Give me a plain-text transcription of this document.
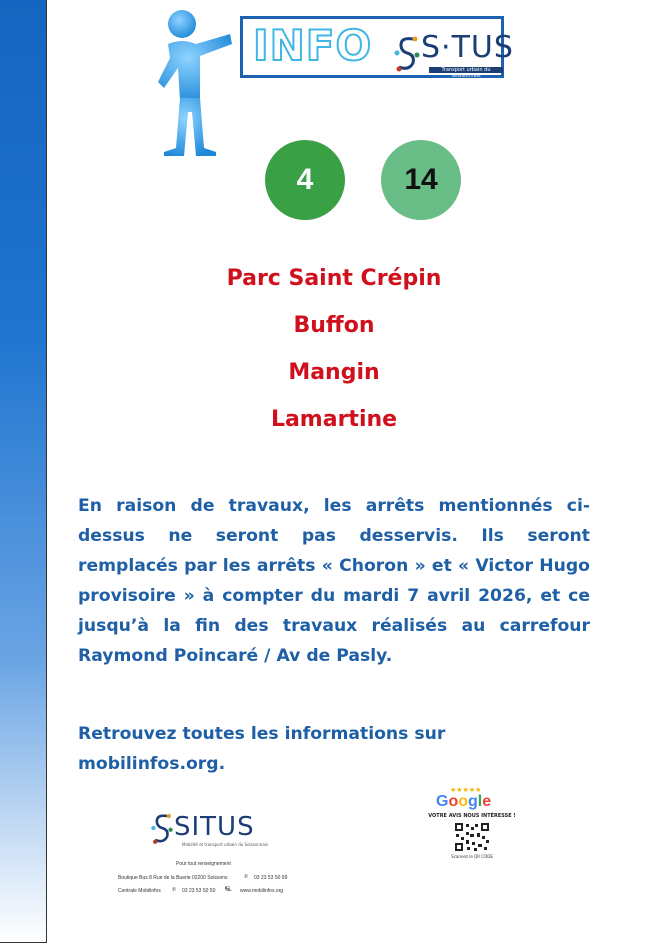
INFO S·TUS
Transport urbain du Soissonnais
4	14
Parc Saint Crépin
Buffon
Mangin
Lamartine
En raison de travaux, les arrêts mentionnés ci-dessus ne seront pas desservis. Ils seront remplacés par les arrêts « Choron » et « Victor Hugo provisoire » à compter du mardi 7 avril 2026, et ce jusqu’à la fin des travaux réalisés au carrefour Raymond Poincaré / Av de Pasly.
Retrouvez toutes les informations sur
mobilinfos.org.
SITUS
Mobilité et transport urbain du Soissonnais
Pour tout renseignement
Boutique Bus 8 Rue de la Buerie 02200 Soissons	✆ 03 23 53 50 99
Centrale Mobilinfos ✆ 03 23 53 50 50 🖳 www.mobilinfos.org
★★★★★
Google
VOTRE AVIS NOUS INTÉRESSE !
Scannez le QR CODE
